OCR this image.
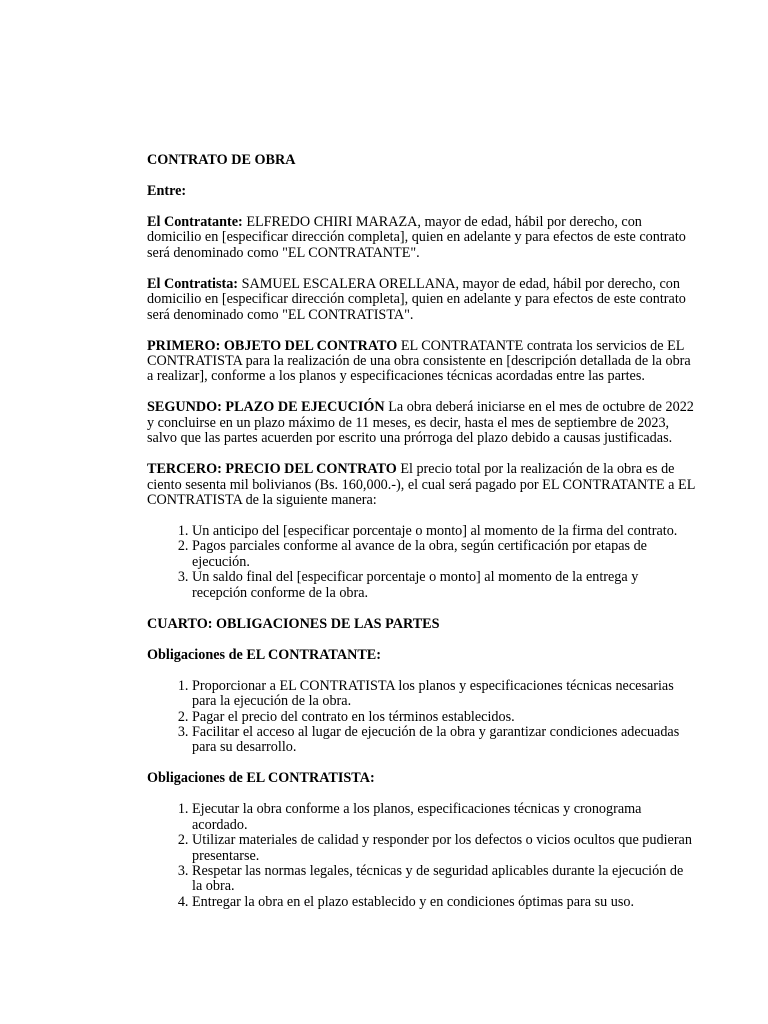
CONTRATO DE OBRA

Entre:

El Contratante: ELFREDO CHIRI MARAZA, mayor de edad, hábil por derecho, con domicilio en [especificar dirección completa], quien en adelante y para efectos de este contrato será denominado como "EL CONTRATANTE".

El Contratista: SAMUEL ESCALERA ORELLANA, mayor de edad, hábil por derecho, con domicilio en [especificar dirección completa], quien en adelante y para efectos de este contrato será denominado como "EL CONTRATISTA".

PRIMERO: OBJETO DEL CONTRATO EL CONTRATANTE contrata los servicios de EL CONTRATISTA para la realización de una obra consistente en [descripción detallada de la obra a realizar], conforme a los planos y especificaciones técnicas acordadas entre las partes.

SEGUNDO: PLAZO DE EJECUCIÓN La obra deberá iniciarse en el mes de octubre de 2022 y concluirse en un plazo máximo de 11 meses, es decir, hasta el mes de septiembre de 2023, salvo que las partes acuerden por escrito una prórroga del plazo debido a causas justificadas.

TERCERO: PRECIO DEL CONTRATO El precio total por la realización de la obra es de ciento sesenta mil bolivianos (Bs. 160,000.-), el cual será pagado por EL CONTRATANTE a EL CONTRATISTA de la siguiente manera:

1. Un anticipo del [especificar porcentaje o monto] al momento de la firma del contrato.
2. Pagos parciales conforme al avance de la obra, según certificación por etapas de ejecución.
3. Un saldo final del [especificar porcentaje o monto] al momento de la entrega y recepción conforme de la obra.

CUARTO: OBLIGACIONES DE LAS PARTES

Obligaciones de EL CONTRATANTE:

1. Proporcionar a EL CONTRATISTA los planos y especificaciones técnicas necesarias para la ejecución de la obra.
2. Pagar el precio del contrato en los términos establecidos.
3. Facilitar el acceso al lugar de ejecución de la obra y garantizar condiciones adecuadas para su desarrollo.

Obligaciones de EL CONTRATISTA:

1. Ejecutar la obra conforme a los planos, especificaciones técnicas y cronograma acordado.
2. Utilizar materiales de calidad y responder por los defectos o vicios ocultos que pudieran presentarse.
3. Respetar las normas legales, técnicas y de seguridad aplicables durante la ejecución de la obra.
4. Entregar la obra en el plazo establecido y en condiciones óptimas para su uso.
